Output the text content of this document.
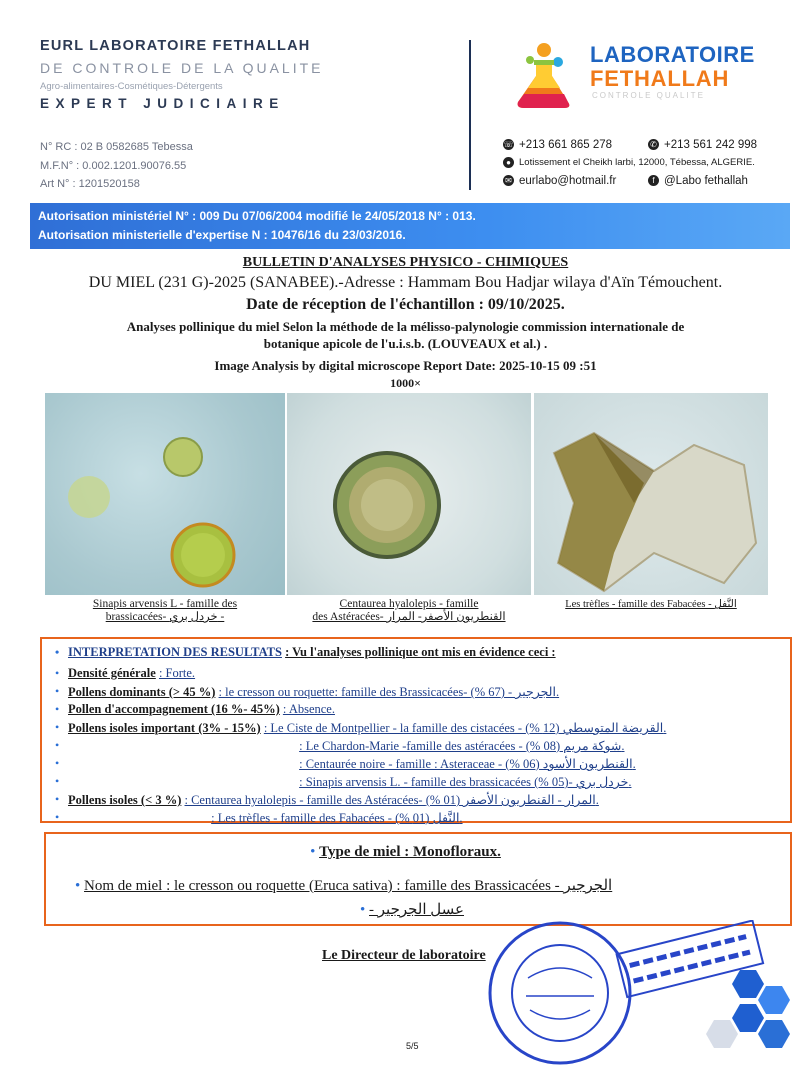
EURL LABORATOIRE FETHALLAH
DE CONTROLE DE LA QUALITE
Agro-alimentaires-Cosmétiques-Détergents
EXPERT JUDICIAIRE
N° RC : 02 B 0582685 Tebessa
M.F.N° : 0.002.1201.90076.55
Art N° : 1201520158
LABORATOIRE
FETHALLAH
CONTROLE QUALITE
☏ +213 661 865 278	✆ +213 561 242 998
● Lotissement el Cheikh larbi, 12000, Tébessa, ALGERIE.
✉ eurlabo@hotmail.fr	f @Labo fethallah
Autorisation ministériel N° : 009 Du 07/06/2004 modifié le 24/05/2018 N° : 013.
Autorisation ministerielle d'expertise N : 10476/16 du 23/03/2016.
BULLETIN D'ANALYSES PHYSICO - CHIMIQUES
DU MIEL (231 G)-2025 (SANABEE).-Adresse : Hammam Bou Hadjar wilaya d'Aïn Témouchent.
Date de réception de l'échantillon : 09/10/2025.
Analyses pollinique du miel Selon la méthode de la mélisso-palynologie commission internationale de
botanique apicole de l'u.i.s.b. (LOUVEAUX et al.) .
Image Analysis by digital microscope Report Date: 2025-10-15 09 :51
1000×
Sinapis arvensis L - famille des
brassicacées- خردل بري -
Centaurea hyalolepis - famille
des Astéracées- القنطريون الأصفر- المرار
Les trèfles - famille des Fabacées - النَّفل
• INTERPRETATION DES RESULTATS : Vu l'analyses pollinique ont mis en évidence ceci :
• Densité générale : Forte.
• Pollens dominants (> 45 %) : le cresson ou roquette: famille des Brassicacées- الجرجير - (67 %).
• Pollen d'accompagnement (16 %- 45%) : Absence.
• Pollens isoles important (3% - 15%) : Le Ciste de Montpellier - la famille des cistacées - القريضة المتوسطي (12 %).
•	: Le Chardon-Marie -famille des astéracées - شوكة مريم (08 %).
•	: Centaurée noire - famille : Asteraceae - القنطريون الأسود (06 %).
•	: Sinapis arvensis L. - famille des brassicacées خردل بري -(05 %).
• Pollens isoles (< 3 %) : Centaurea hyalolepis - famille des Astéracées- المرار - القنطريون الأصفر (01 %).
•	: Les trèfles - famille des Fabacées - النَّفل (01 %).
• Type de miel : Monofloraux.
• Nom de miel : le cresson ou roquette (Eruca sativa) : famille des Brassicacées - الجرجير
• - عسل الجرجير
Le Directeur de laboratoire
5/5
